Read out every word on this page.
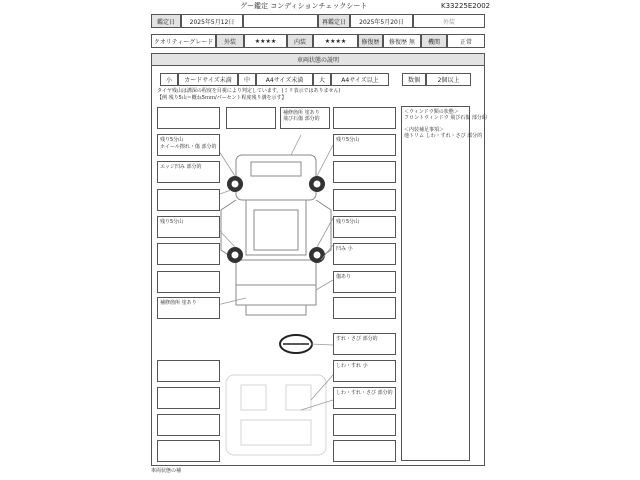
グー鑑定 コンディションチェックシート	K33225E2002
鑑定日	2025年5月12日	再鑑定日	2025年5月20日	外装
クオリティーグレード	外装	★★★★	内装	★★★★	修復歴	修復歴 無	機関	正常
車両状態の説明
小	カードサイズ未満	中	A4サイズ未満	大	A4サイズ以上	数個	2個以上
タイヤ残山は溝深の程度を目視により判定しています。(ミリ表示ではありません)
【例 残り5山＝概ね5ｍｍ/パーセント程度残り溝を示す】
＜ウィンドウ類の状態＞
フロントウィンドウ 飛び石傷 部分的
＜内装補足事項＞
他トリム しわ・すれ・さび 部分的
残り5分山
ホイール擦れ・傷 部分的
エッジ凹み 部分的
残り5分山
補修箇所 塗あり
補修箇所 塗あり
飛び石傷 部分的
残り5分山
残り5分山
凹み 小
傷あり
すれ・さび 部分的
しわ・すれ 小
しわ・すれ・さび 部分的
車両状態の補
